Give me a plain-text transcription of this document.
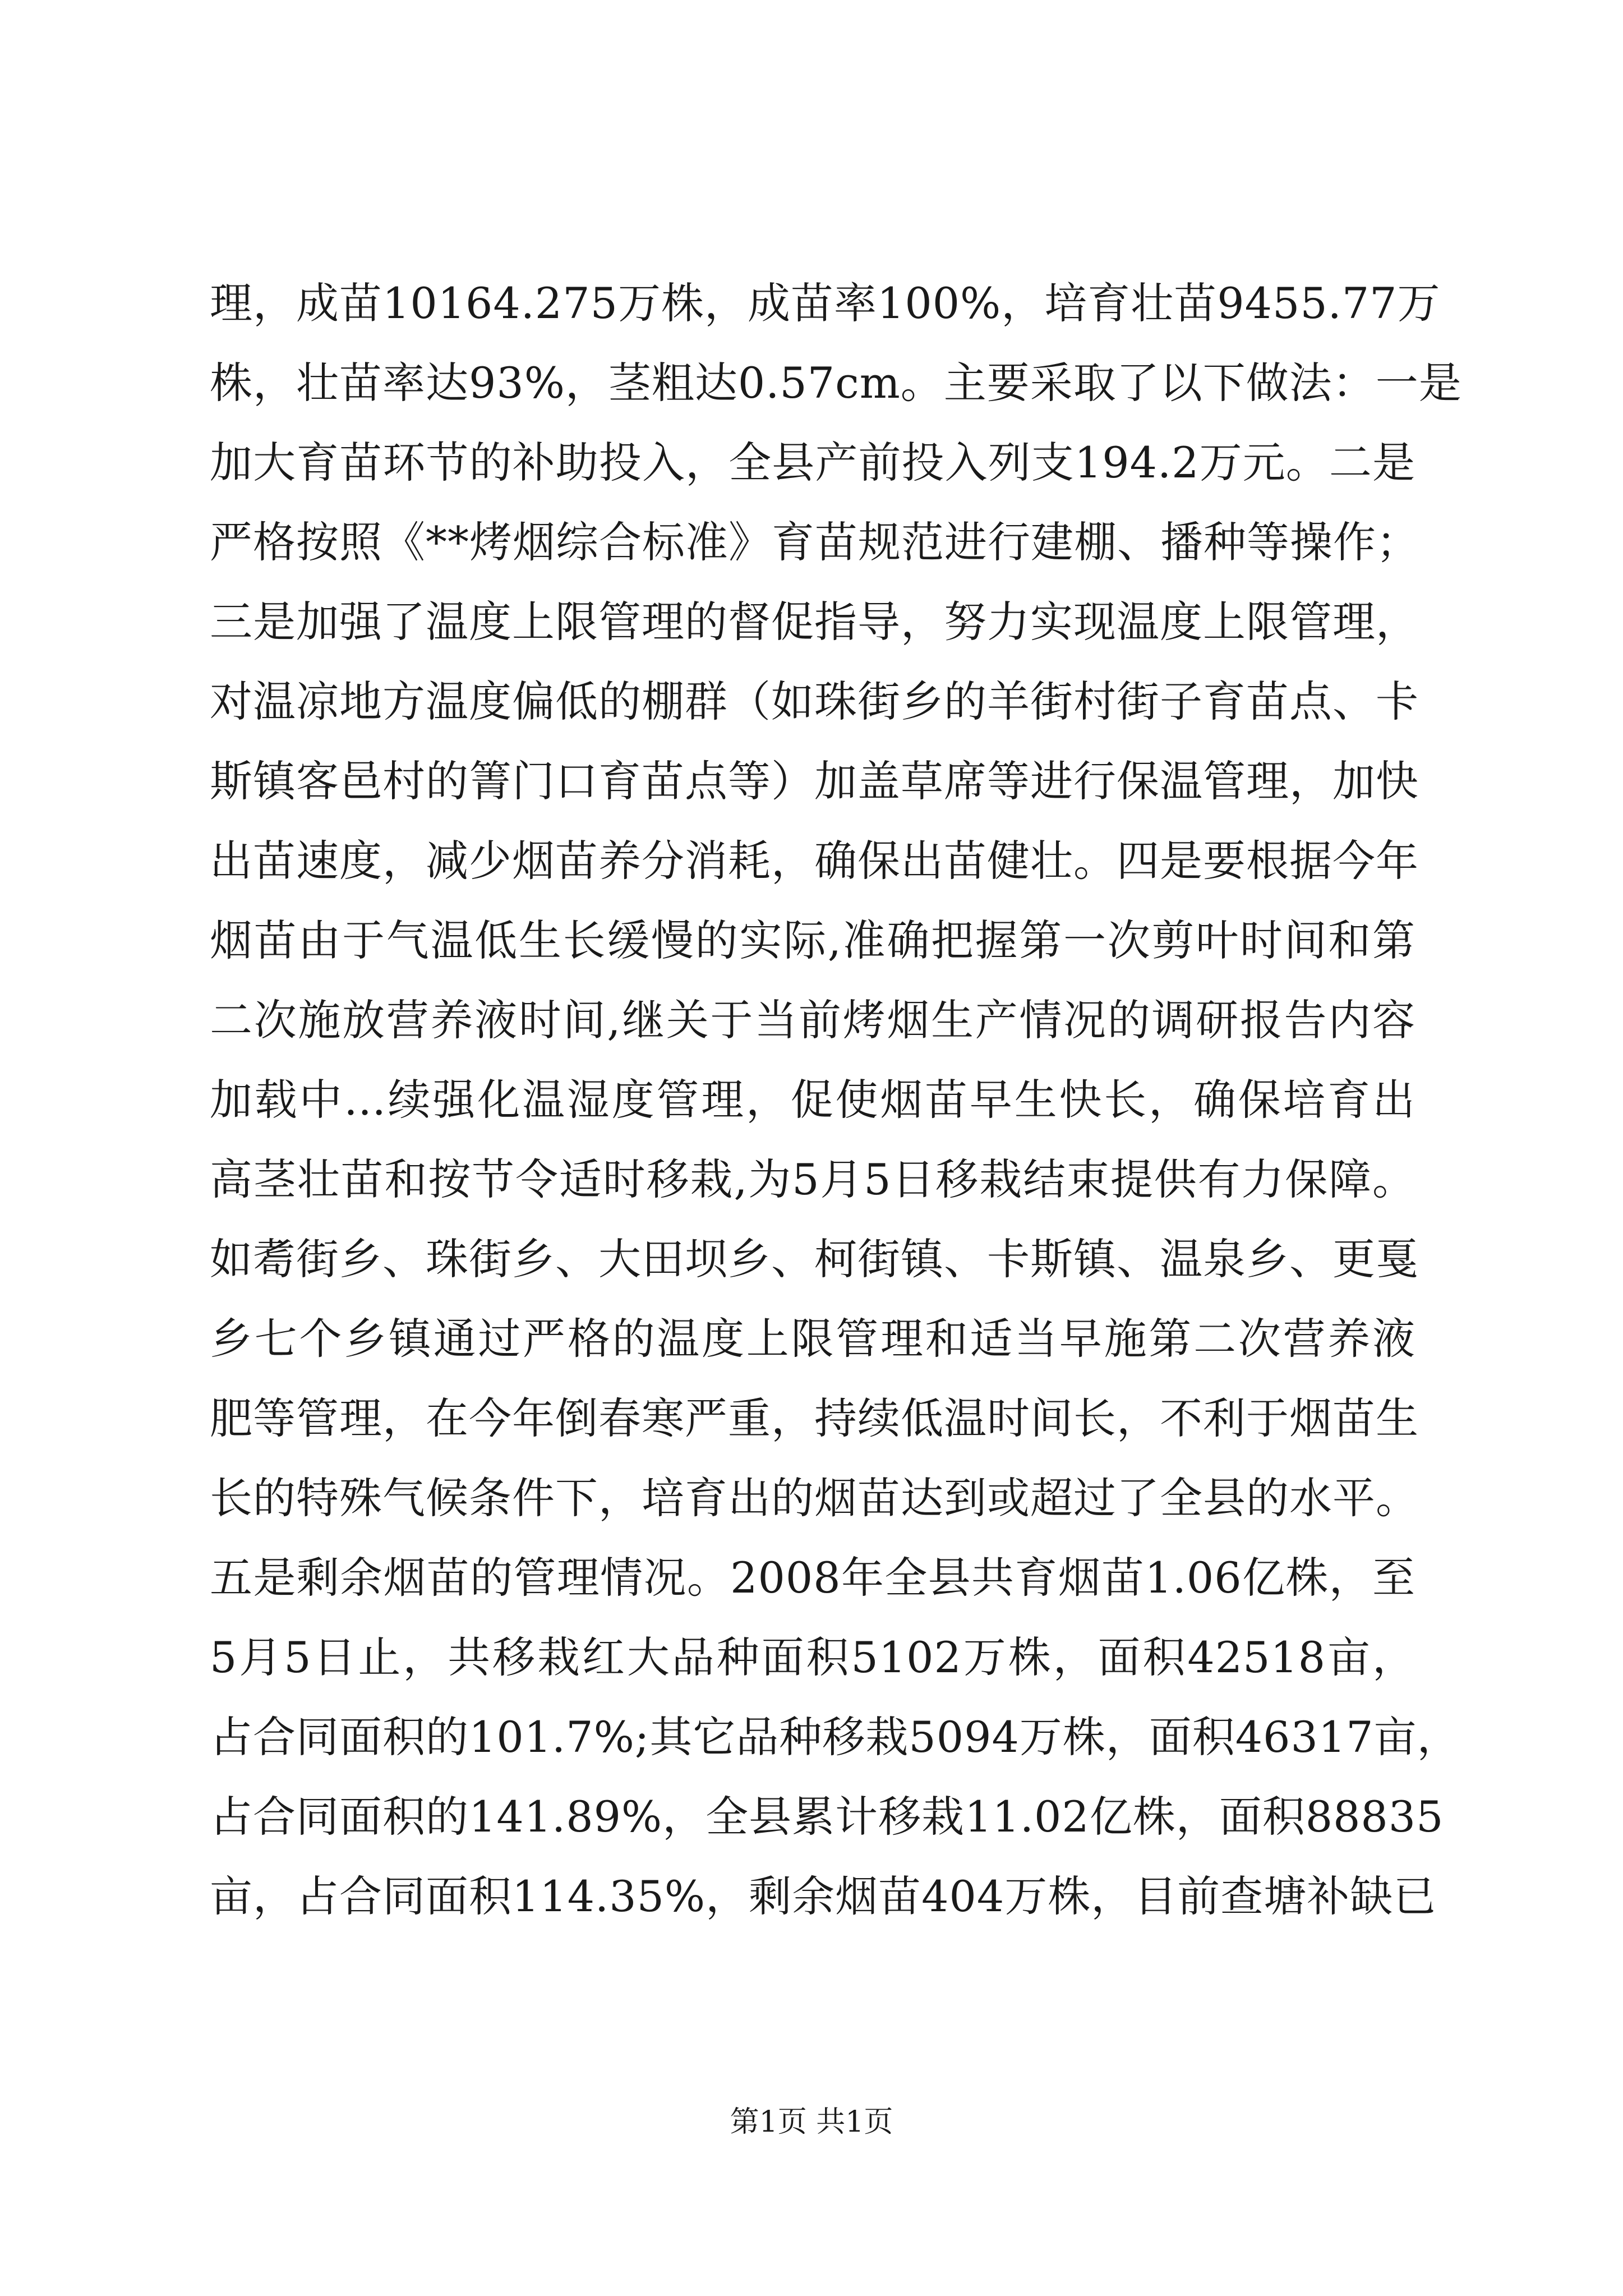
理，成苗10164.275万株，成苗率100%，培育壮苗9455.77万
株，壮苗率达93%，茎粗达0.57cm。主要采取了以下做法：一是
加大育苗环节的补助投入，全县产前投入列支194.2万元。二是
严格按照《**烤烟综合标准》育苗规范进行建棚、播种等操作；
三是加强了温度上限管理的督促指导，努力实现温度上限管理，
对温凉地方温度偏低的棚群（如珠街乡的羊街村街子育苗点、卡
斯镇客邑村的箐门口育苗点等）加盖草席等进行保温管理，加快
出苗速度，减少烟苗养分消耗，确保出苗健壮。四是要根据今年
烟苗由于气温低生长缓慢的实际,准确把握第一次剪叶时间和第
二次施放营养液时间,继关于当前烤烟生产情况的调研报告内容
加载中...续强化温湿度管理，促使烟苗早生快长，确保培育出
高茎壮苗和按节令适时移栽,为5月5日移栽结束提供有力保障。
如耈街乡、珠街乡、大田坝乡、柯街镇、卡斯镇、温泉乡、更戛
乡七个乡镇通过严格的温度上限管理和适当早施第二次营养液
肥等管理，在今年倒春寒严重，持续低温时间长，不利于烟苗生
长的特殊气候条件下，培育出的烟苗达到或超过了全县的水平。
五是剩余烟苗的管理情况。2008年全县共育烟苗1.06亿株，至
5月5日止，共移栽红大品种面积5102万株，面积42518亩，
占合同面积的101.7%;其它品种移栽5094万株，面积46317亩，
占合同面积的141.89%，全县累计移栽11.02亿株，面积88835
亩，占合同面积114.35%，剩余烟苗404万株，目前查塘补缺已
第1页 共1页
